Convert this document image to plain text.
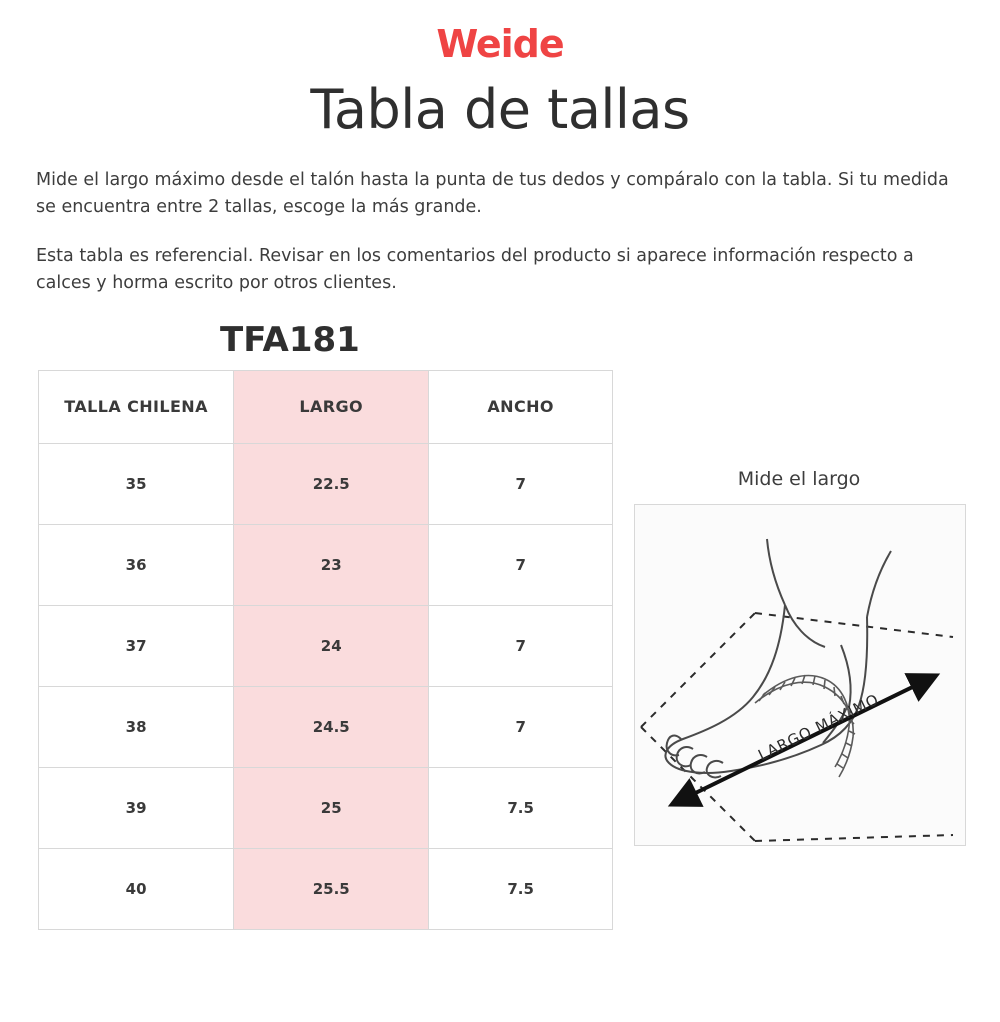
Weide
Tabla de tallas
Mide el largo máximo desde el talón hasta la punta de tus dedos y compáralo con la tabla. Si tu medida se encuentra entre 2 tallas, escoge la más grande.
Esta tabla es referencial. Revisar en los comentarios del producto si aparece información respecto a calces y horma escrito por otros clientes.
TFA181
TALLA CHILENA	LARGO	ANCHO
35	22.5	7
36	23	7
37	24	7
38	24.5	7
39	25	7.5
40	25.5	7.5
Mide el largo
LARGO MÁXIMO
